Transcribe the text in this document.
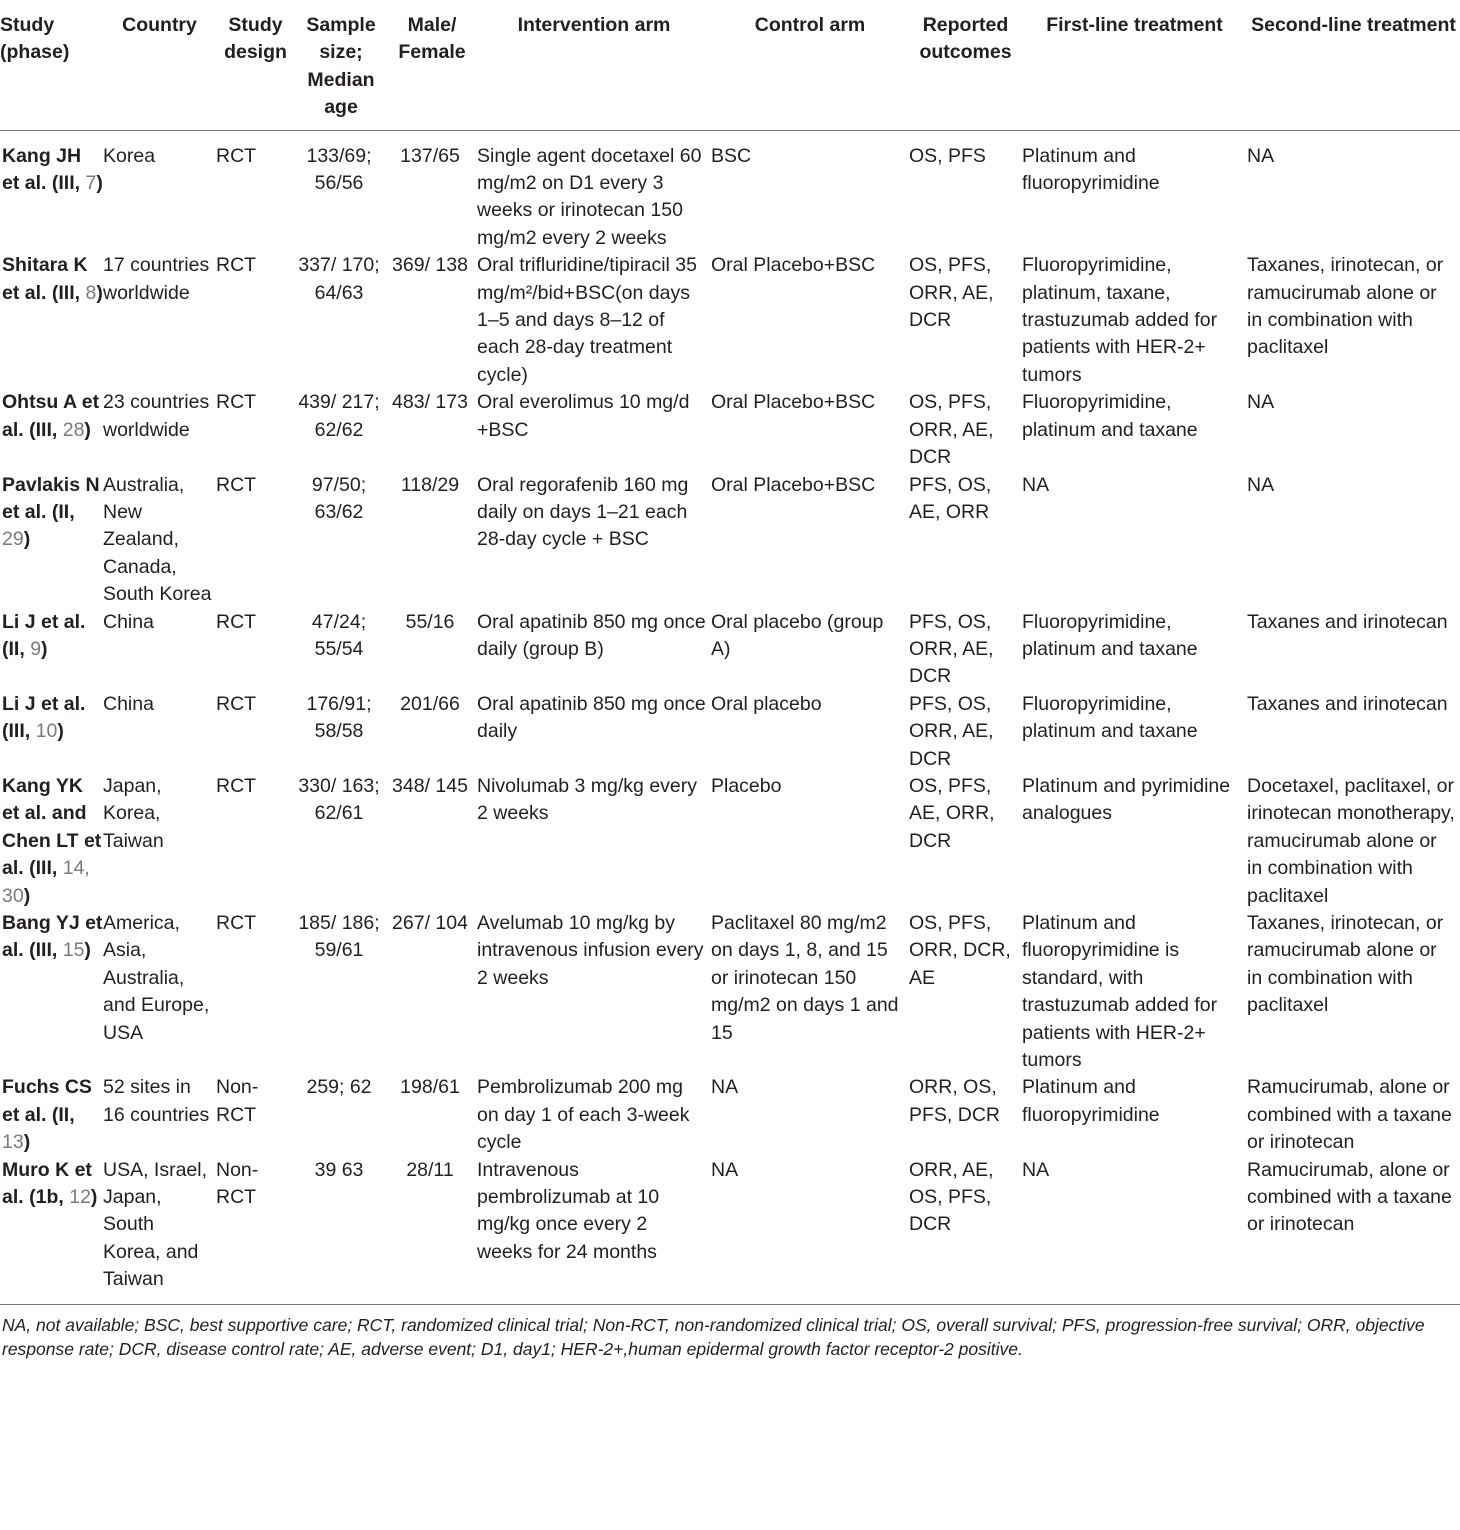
Study (phase)	Country	Study design	Sample size; Median age	Male/ Female	Intervention arm	Control arm	Reported outcomes	First-line treatment	Second-line treatment
Kang JH et al. (III, 7)	Korea	RCT	133/69; 56/56	137/65	Single agent docetaxel 60 mg/m2 on D1 every 3 weeks or irinotecan 150 mg/m2 every 2 weeks	BSC	OS, PFS	Platinum and fluoropyrimidine	NA

Shitara K et al. (III, 8)	17 countries worldwide	RCT	337/ 170; 64/63	369/ 138	Oral trifluridine/tipiracil 35 mg/m²/bid+BSC(on days 1–5 and days 8–12 of each 28-day treatment cycle)	Oral Placebo+BSC	OS, PFS, ORR, AE, DCR	Fluoropyrimidine, platinum, taxane, trastuzumab added for patients with HER-2+ tumors	Taxanes, irinotecan, or ramucirumab alone or in combination with paclitaxel

Ohtsu A et al. (III, 28)	23 countries worldwide	RCT	439/ 217; 62/62	483/ 173	Oral everolimus 10 mg/d +BSC	Oral Placebo+BSC	OS, PFS, ORR, AE, DCR	Fluoropyrimidine, platinum and taxane	NA

Pavlakis N et al. (II, 29)	Australia, New Zealand, Canada, South Korea	RCT	97/50; 63/62	118/29	Oral regorafenib 160 mg daily on days 1–21 each 28-day cycle + BSC	Oral Placebo+BSC	PFS, OS, AE, ORR	NA	NA

Li J et al. (II, 9)	China	RCT	47/24; 55/54	55/16	Oral apatinib 850 mg once daily (group B)	Oral placebo (group A)	PFS, OS, ORR, AE, DCR	Fluoropyrimidine, platinum and taxane	Taxanes and irinotecan

Li J et al. (III, 10)	China	RCT	176/91; 58/58	201/66	Oral apatinib 850 mg once daily	Oral placebo	PFS, OS, ORR, AE, DCR	Fluoropyrimidine, platinum and taxane	Taxanes and irinotecan

Kang YK et al. and Chen LT et al. (III, 14, 30)	Japan, Korea, Taiwan	RCT	330/ 163; 62/61	348/ 145	Nivolumab 3 mg/kg every 2 weeks	Placebo	OS, PFS, AE, ORR, DCR	Platinum and pyrimidine analogues	Docetaxel, paclitaxel, or irinotecan monotherapy, ramucirumab alone or in combination with paclitaxel

Bang YJ et al. (III, 15)	America, Asia, Australia, and Europe, USA	RCT	185/ 186; 59/61	267/ 104	Avelumab 10 mg/kg by intravenous infusion every 2 weeks	Paclitaxel 80 mg/m2 on days 1, 8, and 15 or irinotecan 150 mg/m2 on days 1 and 15	OS, PFS, ORR, DCR, AE	Platinum and fluoropyrimidine is standard, with trastuzumab added for patients with HER-2+ tumors	Taxanes, irinotecan, or ramucirumab alone or in combination with paclitaxel

Fuchs CS et al. (II, 13)	52 sites in 16 countries	Non-RCT	259; 62	198/61	Pembrolizumab 200 mg on day 1 of each 3-week cycle	NA	ORR, OS, PFS, DCR	Platinum and fluoropyrimidine	Ramucirumab, alone or combined with a taxane or irinotecan

Muro K et al. (1b, 12)	USA, Israel, Japan, South Korea, and Taiwan	Non-RCT	39 63	28/11	Intravenous pembrolizumab at 10 mg/kg once every 2 weeks for 24 months	NA	ORR, AE, OS, PFS, DCR	NA	Ramucirumab, alone or combined with a taxane or irinotecan
NA, not available; BSC, best supportive care; RCT, randomized clinical trial; Non-RCT, non-randomized clinical trial; OS, overall survival; PFS, progression-free survival; ORR, objective response rate; DCR, disease control rate; AE, adverse event; D1, day1; HER-2+,human epidermal growth factor receptor-2 positive.
